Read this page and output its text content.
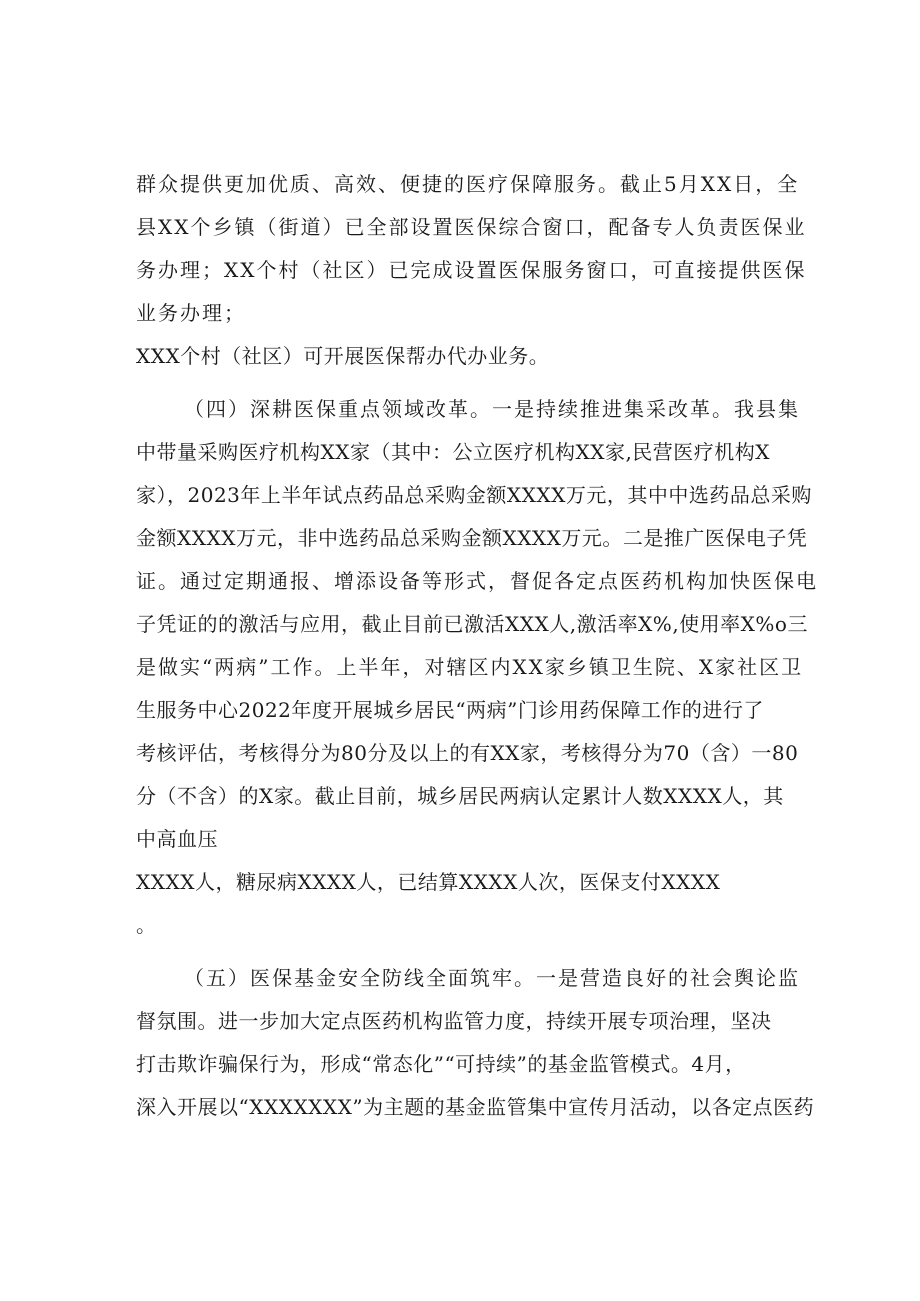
群众提供更加优质、高效、便捷的医疗保障服务。截止5月XX日，全
县XX个乡镇（街道）已全部设置医保综合窗口，配备专人负责医保业
务办理；XX个村（社区）已完成设置医保服务窗口，可直接提供医保
业务办理；
XXX个村（社区）可开展医保帮办代办业务。
（四）深耕医保重点领域改革。一是持续推进集采改革。我县集
中带量采购医疗机构XX家（其中：公立医疗机构XX家,民营医疗机构X
家），2023年上半年试点药品总采购金额XXXX万元，其中中选药品总采购
金额XXXX万元，非中选药品总采购金额XXXX万元。二是推广医保电子凭
证。通过定期通报、增添设备等形式，督促各定点医药机构加快医保电
子凭证的的激活与应用，截止目前已激活XXX人,激活率X%,使用率X%o三
是做实“两病”工作。上半年，对辖区内XX家乡镇卫生院、X家社区卫
生服务中心2022年度开展城乡居民“两病”门诊用药保障工作的进行了
考核评估，考核得分为80分及以上的有XX家，考核得分为70（含）一80
分（不含）的X家。截止目前，城乡居民两病认定累计人数XXXX人，其
中高血压
XXXX人，糖尿病XXXX人，已结算XXXX人次，医保支付XXXX
。
（五）医保基金安全防线全面筑牢。一是营造良好的社会舆论监
督氛围。进一步加大定点医药机构监管力度，持续开展专项治理，坚决
打击欺诈骗保行为，形成“常态化”“可持续”的基金监管模式。4月，
深入开展以“XXXXXXX”为主题的基金监管集中宣传月活动，以各定点医药
